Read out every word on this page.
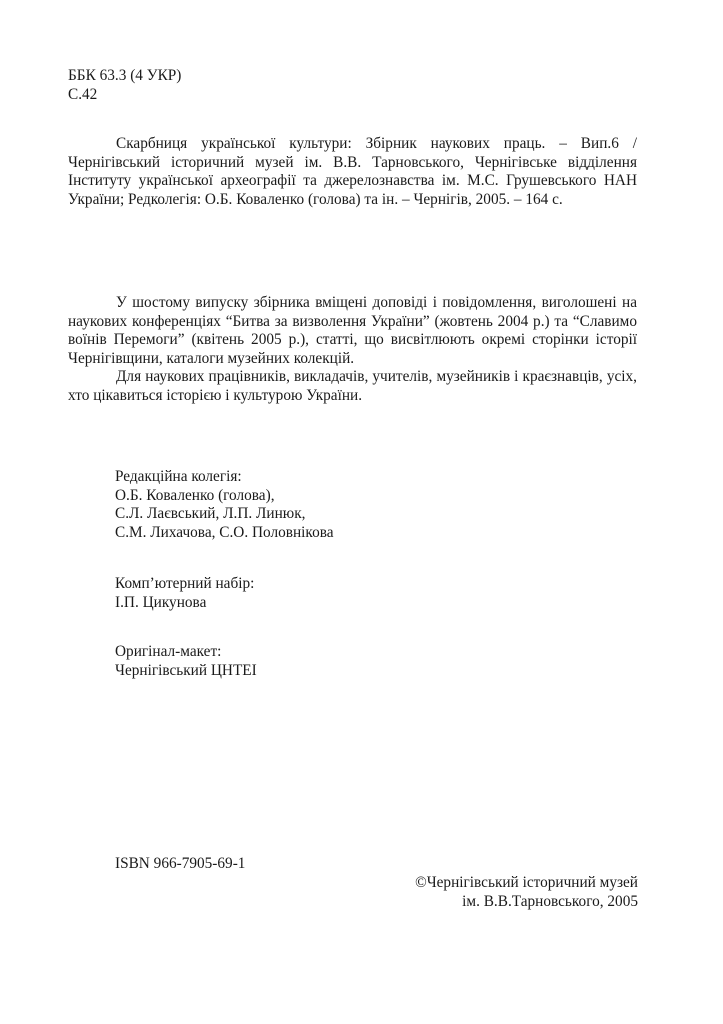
ББК 63.3 (4 УКР)
С.42
Скарбниця української культури: Збірник наукових праць. – Вип.6 /
Чернігівський історичний музей ім. В.В. Тарновського, Чернігівське відділення
Інституту української археографії та джерелознавства ім. М.С. Грушевського НАН
України; Редколегія: О.Б. Коваленко (голова) та ін. – Чернігів, 2005. – 164 с.
У шостому випуску збірника вміщені доповіді і повідомлення, виголошені на
наукових конференціях “Битва за визволення України” (жовтень 2004 р.) та “Славимо
воїнів Перемоги” (квітень 2005 р.), статті, що висвітлюють окремі сторінки історії
Чернігівщини, каталоги музейних колекцій.
Для наукових працівників, викладачів, учителів, музейників і краєзнавців, усіх,
хто цікавиться історією і культурою України.
Редакційна колегія:
О.Б. Коваленко (голова),
С.Л. Лаєвський, Л.П. Линюк,
С.М. Лихачова, С.О. Половнікова
Комп’ютерний набір:
І.П. Цикунова
Оригінал-макет:
Чернігівський ЦНТЕІ
ISBN 966-7905-69-1
©Чернігівський історичний музей
ім. В.В.Тарновського, 2005
